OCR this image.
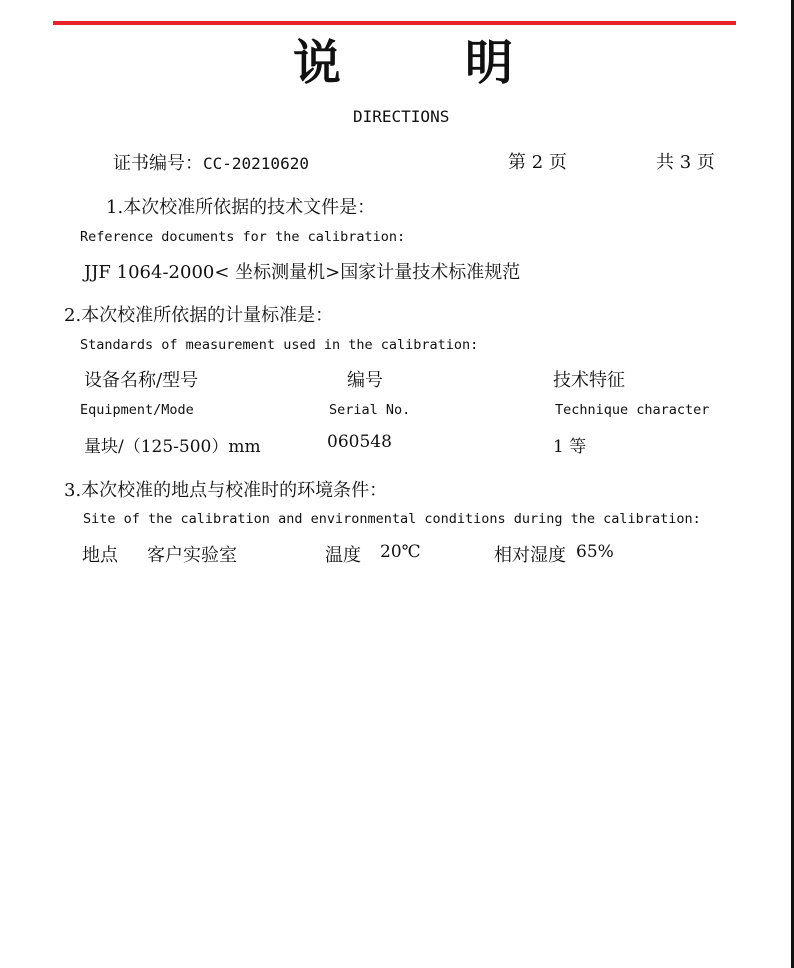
说	明
DIRECTIONS
证书编号：CC-20210620	第 2 页	共 3 页
1.本次校准所依据的技术文件是：
Reference documents for the calibration:
JJF 1064-2000< 坐标测量机>国家计量技术标准规范
2.本次校准所依据的计量标准是：
Standards of measurement used in the calibration:
设备名称/型号	编号	技术特征
Equipment/Mode	Serial No.	Technique character
量块/（125-500）mm	060548	1 等
3.本次校准的地点与校准时的环境条件：
Site of the calibration and environmental conditions during the calibration:
地点 客户实验室	温度 20℃	相对湿度 65%
